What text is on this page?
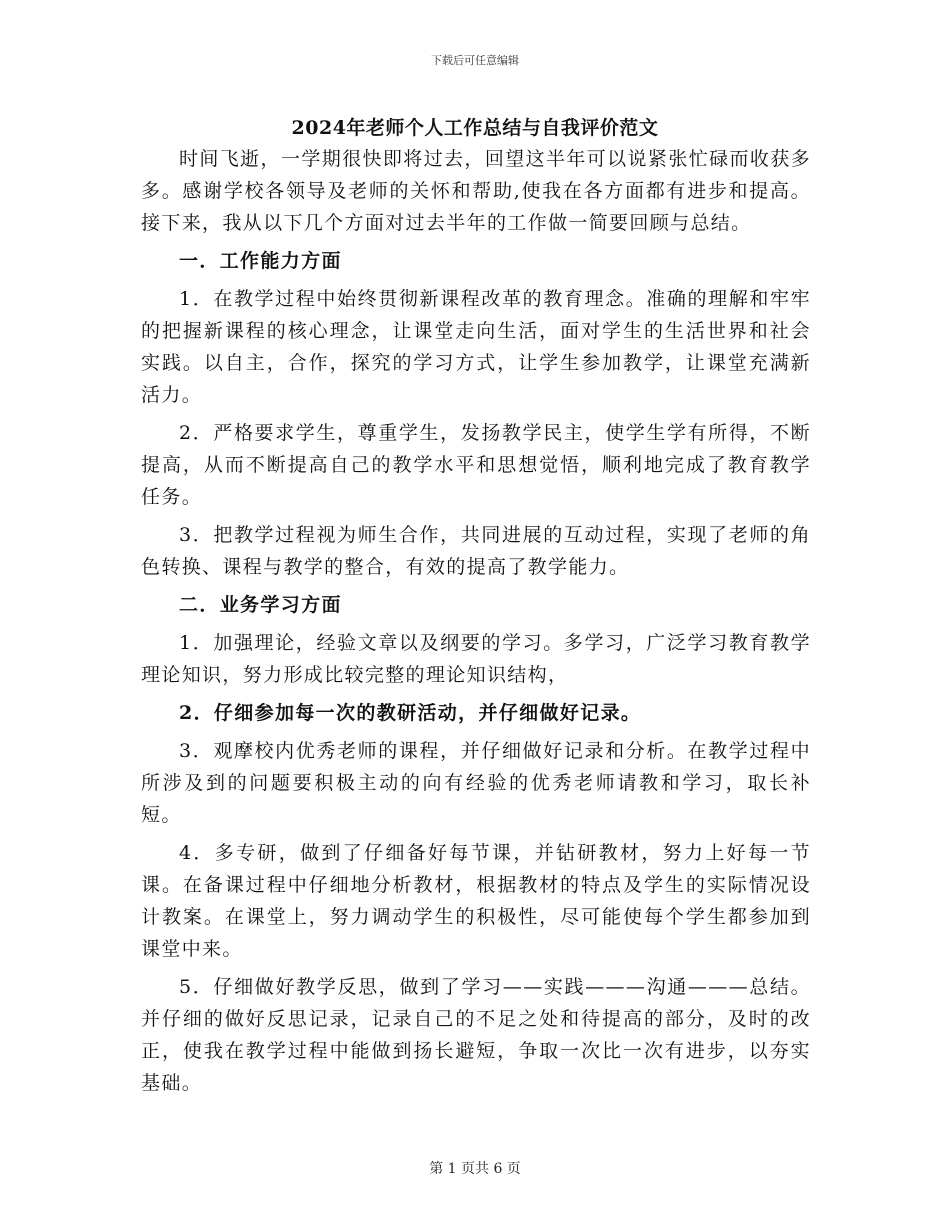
下载后可任意编辑
2024年老师个人工作总结与自我评价范文

时间飞逝，一学期很快即将过去，回望这半年可以说紧张忙碌而收获多多。感谢学校各领导及老师的关怀和帮助,使我在各方面都有进步和提高。接下来，我从以下几个方面对过去半年的工作做一简要回顾与总结。

一．工作能力方面

1．在教学过程中始终贯彻新课程改革的教育理念。准确的理解和牢牢的把握新课程的核心理念，让课堂走向生活，面对学生的生活世界和社会实践。以自主，合作，探究的学习方式，让学生参加教学，让课堂充满新活力。

2．严格要求学生，尊重学生，发扬教学民主，使学生学有所得，不断提高，从而不断提高自己的教学水平和思想觉悟，顺利地完成了教育教学任务。

3．把教学过程视为师生合作，共同进展的互动过程，实现了老师的角色转换、课程与教学的整合，有效的提高了教学能力。

二．业务学习方面

1．加强理论，经验文章以及纲要的学习。多学习，广泛学习教育教学理论知识，努力形成比较完整的理论知识结构，

2．仔细参加每一次的教研活动，并仔细做好记录。

3．观摩校内优秀老师的课程，并仔细做好记录和分析。在教学过程中所涉及到的问题要积极主动的向有经验的优秀老师请教和学习，取长补短。

4．多专研，做到了仔细备好每节课，并钻研教材，努力上好每一节课。在备课过程中仔细地分析教材，根据教材的特点及学生的实际情况设计教案。在课堂上，努力调动学生的积极性，尽可能使每个学生都参加到课堂中来。

5．仔细做好教学反思，做到了学习——实践———沟通———总结。并仔细的做好反思记录，记录自己的不足之处和待提高的部分，及时的改正，使我在教学过程中能做到扬长避短，争取一次比一次有进步，以夯实基础。

第 1 页共 6 页
